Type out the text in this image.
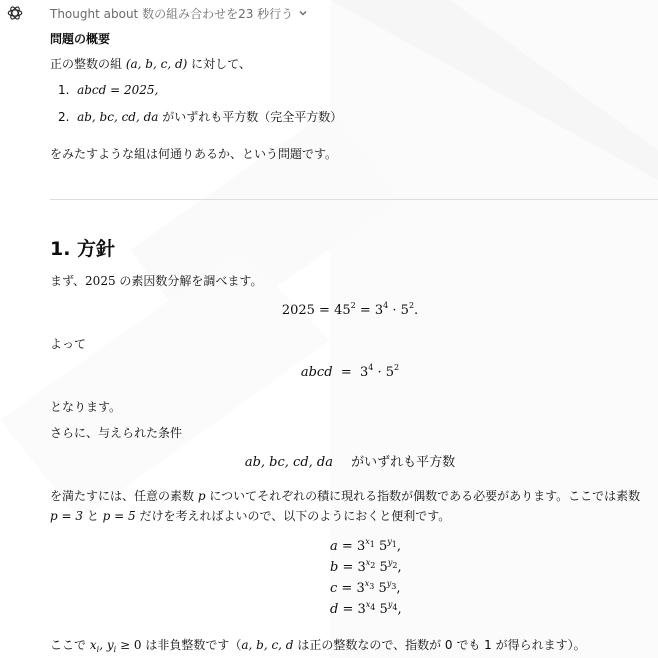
Thought about 数の組み合わせを23 秒行う
問題の概要
正の整数の組 (a, b, c, d) に対して、
1. abcd = 2025,
2. ab, bc, cd, da がいずれも平方数（完全平方数）
をみたすような組は何通りあるか、という問題です。
1. 方針
まず、2025 の素因数分解を調べます。
$2025 = 45^2 = 3^4 \cdot 5^2$.
よって
abcd = $3^4 \cdot 5^2$
となります。
さらに、与えられた条件
ab, bc, cd, da がいずれも平方数
を満たすには、任意の素数 p についてそれぞれの積に現れる指数が偶数である必要があります。ここでは素数
p = 3 と p = 5 だけを考えればよいので、以下のようにおくと便利です。
$a = 3^{x_1}$ $5^{y_1}$,
$b = 3^{x_2}$ $5^{y_2}$,
$c = 3^{x_3}$ $5^{y_3}$,
$d = 3^{x_4}$ $5^{y_4}$,
ここで $x_i$, $y_i \ge 0$ は非負整数です（a, b, c, d は正の整数なので、指数が 0 でも 1 が得られます）。
